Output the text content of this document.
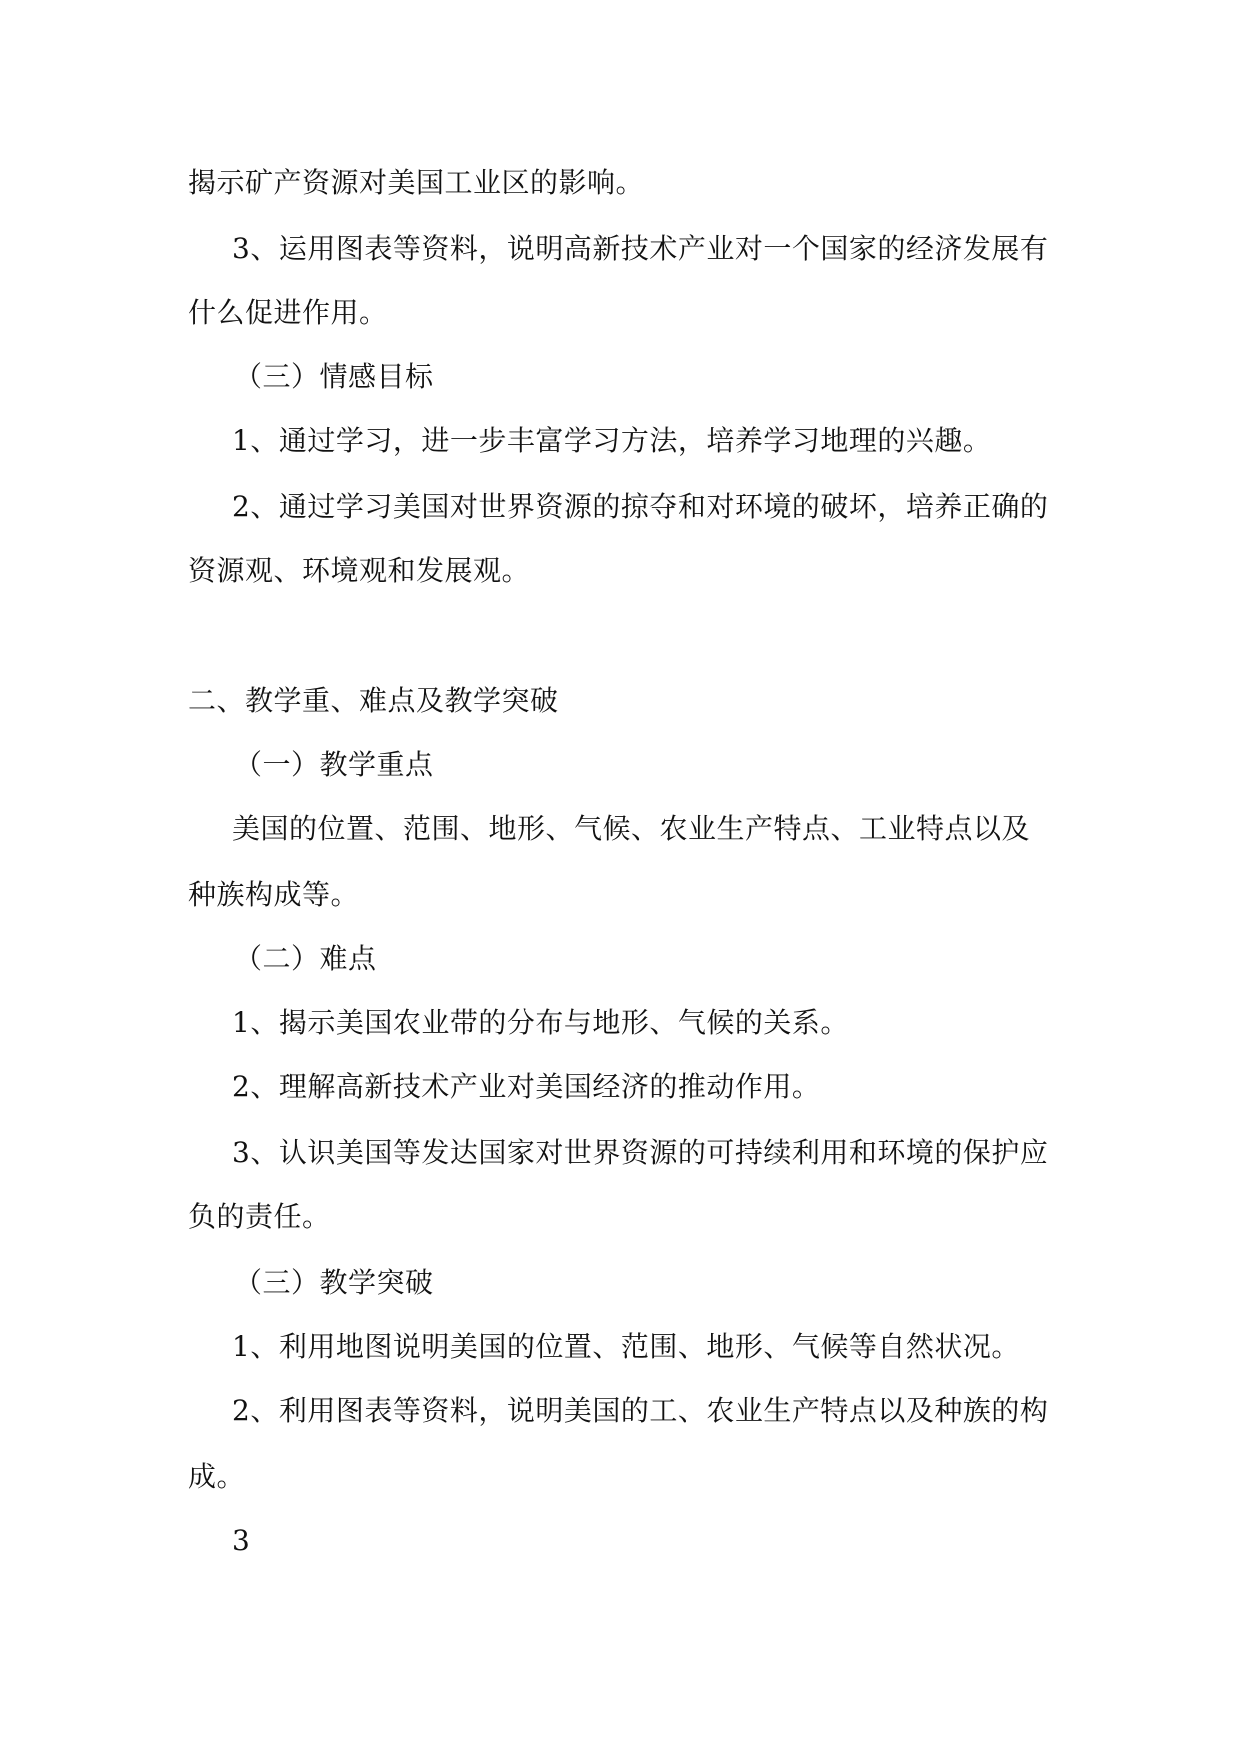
揭示矿产资源对美国工业区的影响。
3、运用图表等资料，说明高新技术产业对一个国家的经济发展有
什么促进作用。
（三）情感目标
1、通过学习，进一步丰富学习方法，培养学习地理的兴趣。
2、通过学习美国对世界资源的掠夺和对环境的破坏，培养正确的
资源观、环境观和发展观。
二、教学重、难点及教学突破
（一）教学重点
美国的位置、范围、地形、气候、农业生产特点、工业特点以及
种族构成等。
（二）难点
1、揭示美国农业带的分布与地形、气候的关系。
2、理解高新技术产业对美国经济的推动作用。
3、认识美国等发达国家对世界资源的可持续利用和环境的保护应
负的责任。
（三）教学突破
1、利用地图说明美国的位置、范围、地形、气候等自然状况。
2、利用图表等资料，说明美国的工、农业生产特点以及种族的构
成。
3
